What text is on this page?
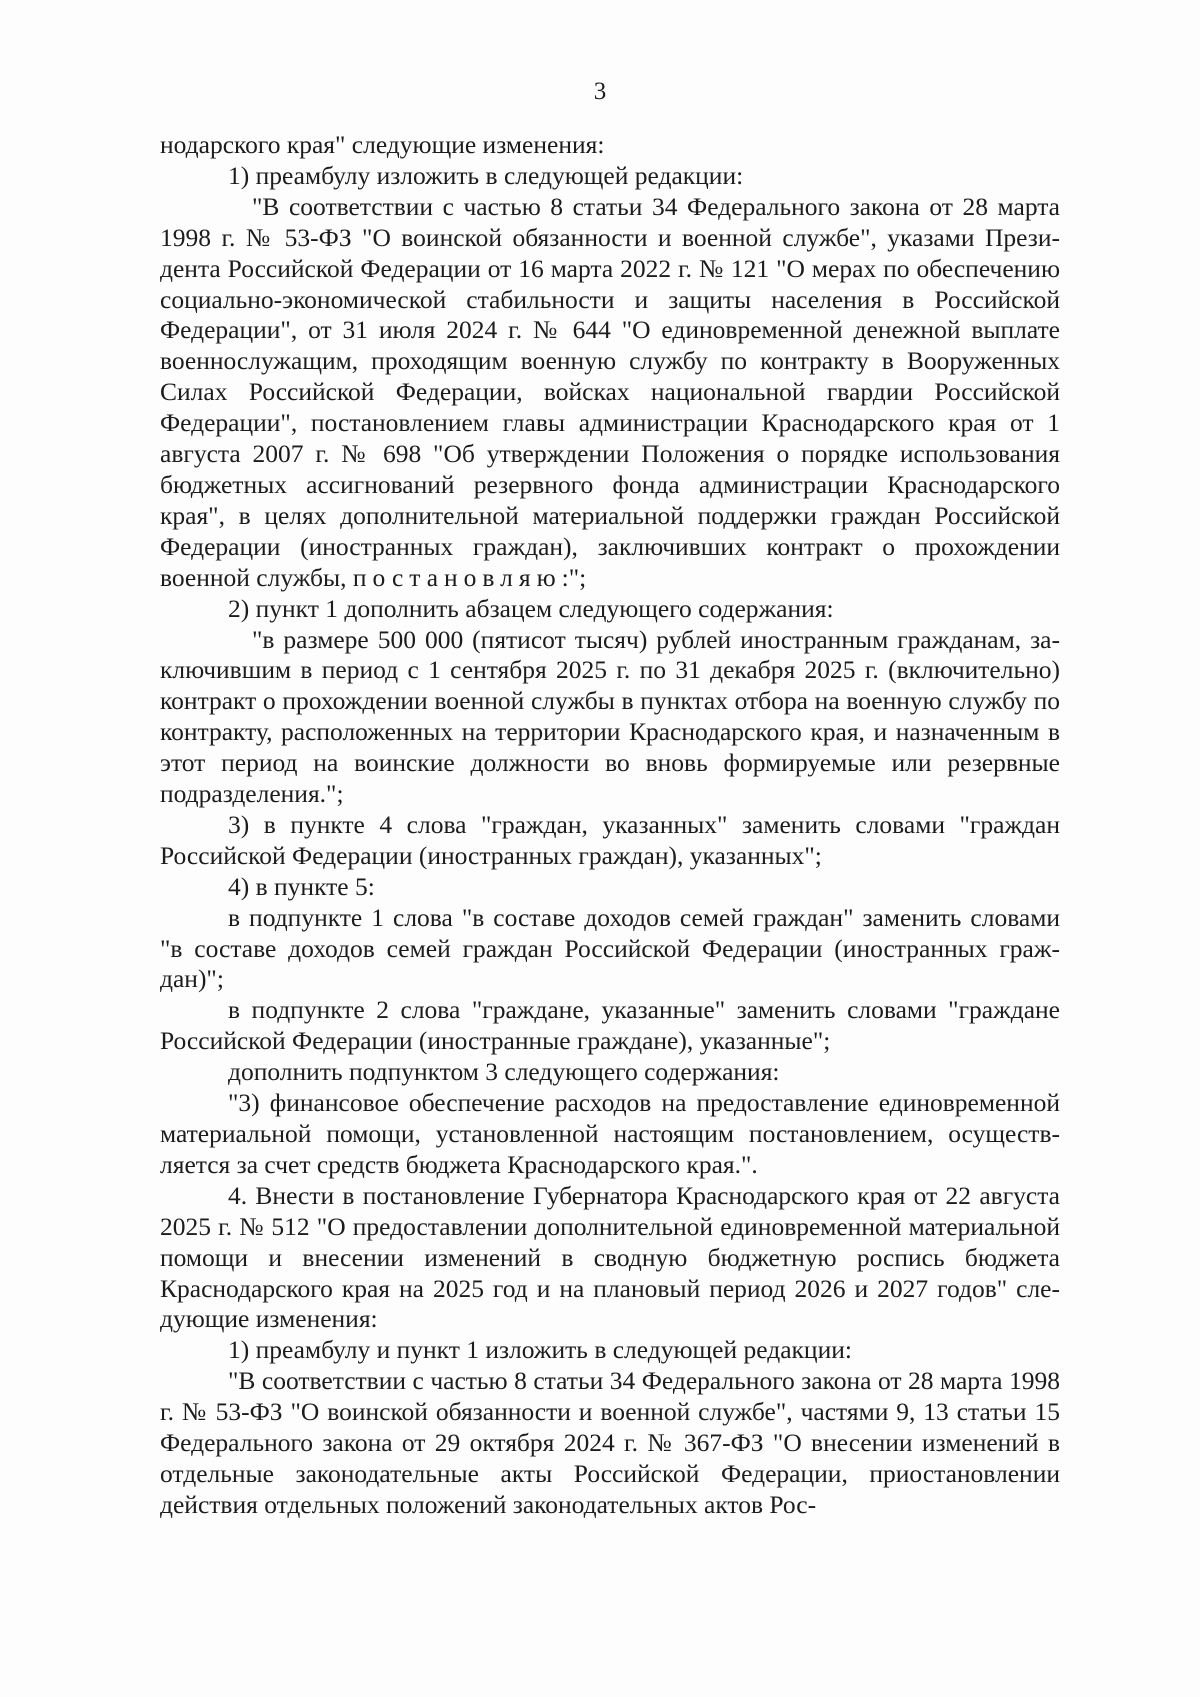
3

нодарского края" следующие изменения:

1) преамбулу изложить в следующей редакции:

"В соответствии с частью 8 статьи 34 Федерального закона от 28 марта 1998 г. № 53-ФЗ "О воинской обязанности и военной службе", указами Президента Российской Федерации от 16 марта 2022 г. № 121 "О мерах по обеспечению социально-экономической стабильности и защиты населения в Российской Федерации", от 31 июля 2024 г. № 644 "О единовременной денежной выплате военнослужащим, проходящим военную службу по контракту в Вооруженных Силах Российской Федерации, войсках национальной гвардии Российской Федерации", постановлением главы администрации Краснодарского края от 1 августа 2007 г. № 698 "Об утверждении Положения о порядке использования бюджетных ассигнований резервного фонда администрации Краснодарского края", в целях дополнительной материальной поддержки граждан Российской Федерации (иностранных граждан), заключивших контракт о прохождении военной службы, постановляю:";

2) пункт 1 дополнить абзацем следующего содержания:

"в размере 500 000 (пятисот тысяч) рублей иностранным гражданам, заключившим в период с 1 сентября 2025 г. по 31 декабря 2025 г. (включительно) контракт о прохождении военной службы в пунктах отбора на военную службу по контракту, расположенных на территории Краснодарского края, и назначенным в этот период на воинские должности во вновь формируемые или резервные подразделения.";

3) в пункте 4 слова "граждан, указанных" заменить словами "граждан Российской Федерации (иностранных граждан), указанных";

4) в пункте 5:

в подпункте 1 слова "в составе доходов семей граждан" заменить словами "в составе доходов семей граждан Российской Федерации (иностранных граждан)";

в подпункте 2 слова "граждане, указанные" заменить словами "граждане Российской Федерации (иностранные граждане), указанные";

дополнить подпунктом 3 следующего содержания:

"3) финансовое обеспечение расходов на предоставление единовременной материальной помощи, установленной настоящим постановлением, осуществляется за счет средств бюджета Краснодарского края.".

4. Внести в постановление Губернатора Краснодарского края от 22 августа 2025 г. № 512 "О предоставлении дополнительной единовременной материальной помощи и внесении изменений в сводную бюджетную роспись бюджета Краснодарского края на 2025 год и на плановый период 2026 и 2027 годов" следующие изменения:

1) преамбулу и пункт 1 изложить в следующей редакции:

"В соответствии с частью 8 статьи 34 Федерального закона от 28 марта 1998 г. № 53-ФЗ "О воинской обязанности и военной службе", частями 9, 13 статьи 15 Федерального закона от 29 октября 2024 г. № 367-ФЗ "О внесении изменений в отдельные законодательные акты Российской Федерации, приостановлении действия отдельных положений законодательных актов Рос-
